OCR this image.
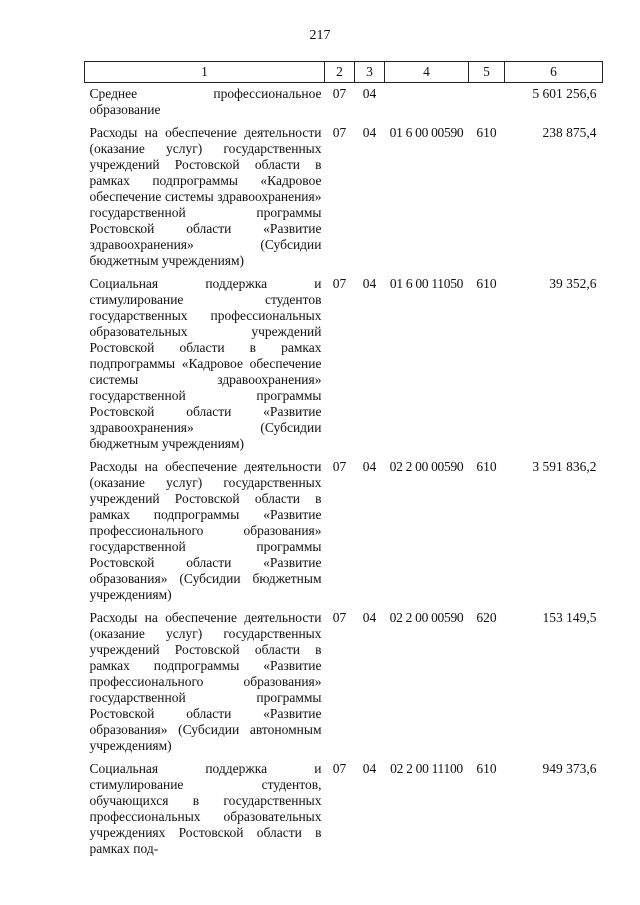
217
1	2	3	4	5	6
Среднее профессиональное образование	07	04			5 601 256,6
Расходы на обеспечение деятельности (оказание услуг) государственных учреждений Ростовской области в рамках подпрограммы «Кадровое обеспечение системы здравоохранения» государственной программы Ростовской области «Развитие здравоохранения» (Субсидии бюджетным учреждениям)	07	04	01 6 00 00590	610	238 875,4
Социальная поддержка и стимулирование студентов государственных профессиональных образовательных учреждений Ростовской области в рамках подпрограммы «Кадровое обеспечение системы здравоохранения» государственной программы Ростовской области «Развитие здравоохранения» (Субсидии бюджетным учреждениям)	07	04	01 6 00 11050	610	39 352,6
Расходы на обеспечение деятельности (оказание услуг) государственных учреждений Ростовской области в рамках подпрограммы «Развитие профессионального образования» государственной программы Ростовской области «Развитие образования» (Субсидии бюджетным учреждениям)	07	04	02 2 00 00590	610	3 591 836,2
Расходы на обеспечение деятельности (оказание услуг) государственных учреждений Ростовской области в рамках подпрограммы «Развитие профессионального образования» государственной программы Ростовской области «Развитие образования» (Субсидии автономным учреждениям)	07	04	02 2 00 00590	620	153 149,5
Социальная поддержка и стимулирование студентов, обучающихся в государственных профессиональных образовательных учреждениях Ростовской области в рамках под-	07	04	02 2 00 11100	610	949 373,6
